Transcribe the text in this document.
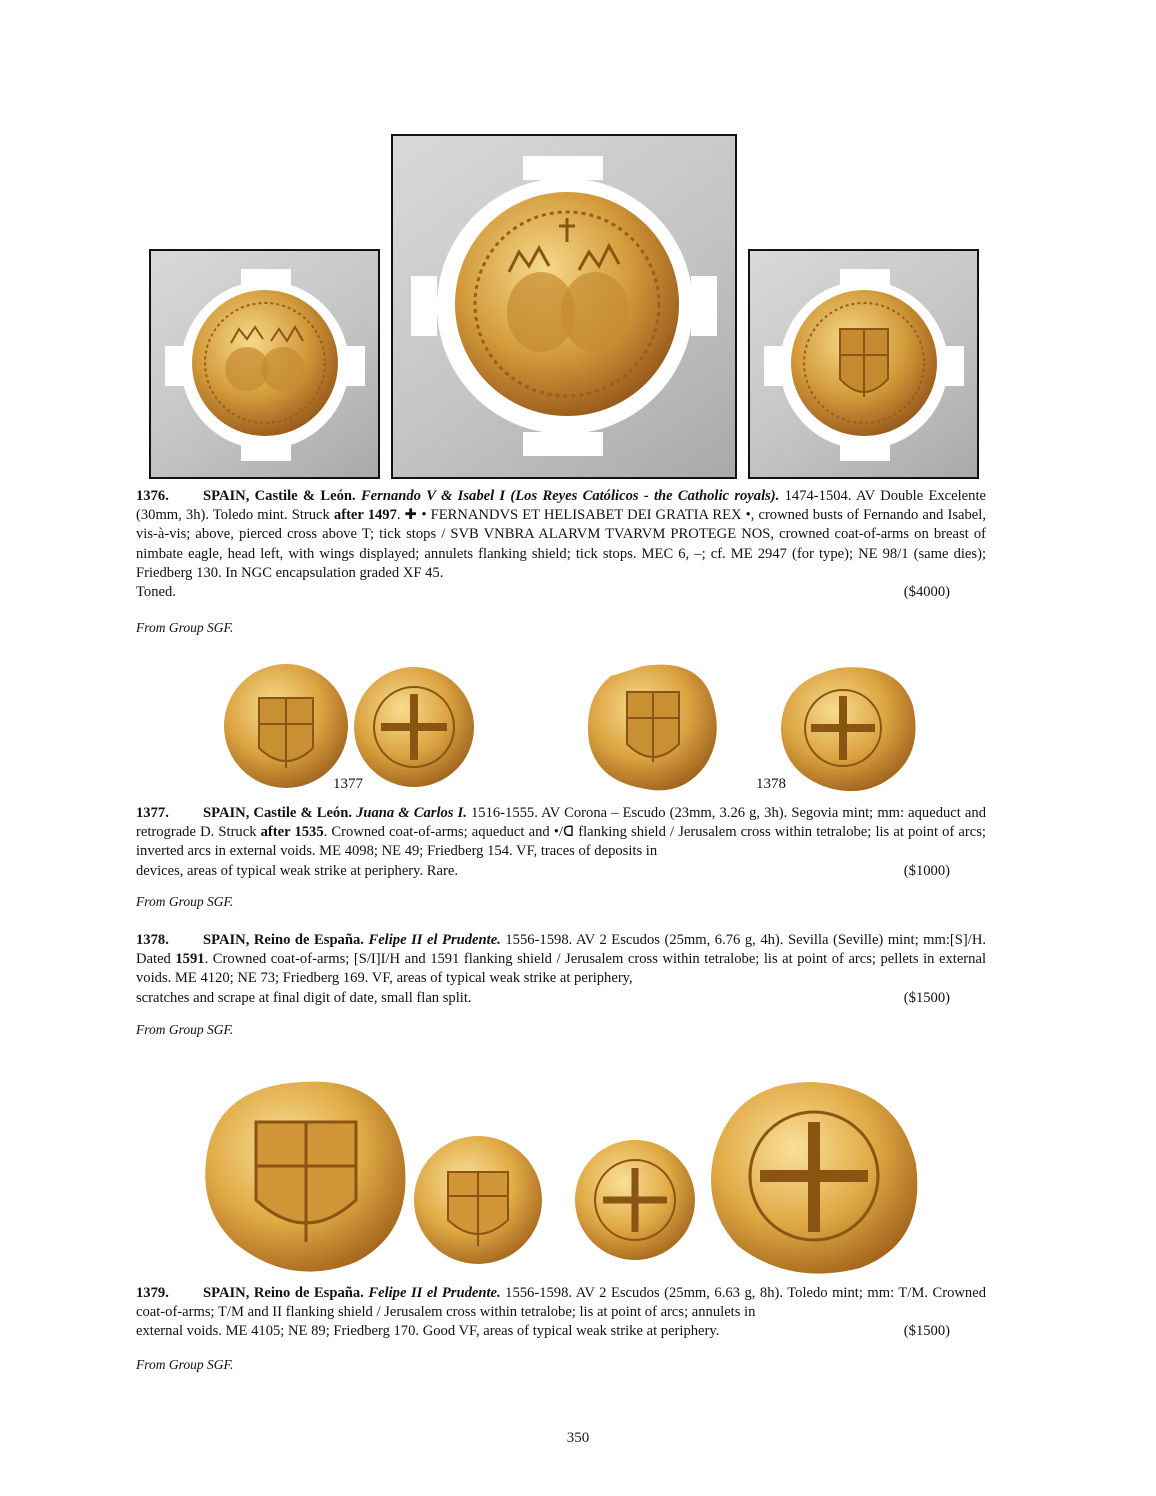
1376. SPAIN, Castile & León. Fernando V & Isabel I (Los Reyes Católicos - the Catholic royals). 1474-1504. AV Double Excelente (30mm, 3h). Toledo mint. Struck after 1497. ✚ • FERNANDVS ET HELISABET DEI GRATIA REX •, crowned busts of Fernando and Isabel, vis-à-vis; above, pierced cross above T; tick stops / SVB VNBRA ALARVM TVARVM PROTEGE NOS, crowned coat-of-arms on breast of nimbate eagle, head left, with wings displayed; annulets flanking shield; tick stops. MEC 6, –; cf. ME 2947 (for type); NE 98/1 (same dies); Friedberg 130. In NGC encapsulation graded XF 45.
Toned.	($4000)
From Group SGF.
1377	1378
1377. SPAIN, Castile & León. Juana & Carlos I. 1516-1555. AV Corona – Escudo (23mm, 3.26 g, 3h). Segovia mint; mm: aqueduct and retrograde D. Struck after 1535. Crowned coat-of-arms; aqueduct and •/ᗡ flanking shield / Jerusalem cross within tetralobe; lis at point of arcs; inverted arcs in external voids. ME 4098; NE 49; Friedberg 154. VF, traces of deposits in
devices, areas of typical weak strike at periphery. Rare.	($1000)
From Group SGF.
1378. SPAIN, Reino de España. Felipe II el Prudente. 1556-1598. AV 2 Escudos (25mm, 6.76 g, 4h). Sevilla (Seville) mint; mm:[S]/H. Dated 1591. Crowned coat-of-arms; [S/I]I/H and 1591 flanking shield / Jerusalem cross within tetralobe; lis at point of arcs; pellets in external voids. ME 4120; NE 73; Friedberg 169. VF, areas of typical weak strike at periphery,
scratches and scrape at final digit of date, small flan split.	($1500)
From Group SGF.
1379. SPAIN, Reino de España. Felipe II el Prudente. 1556-1598. AV 2 Escudos (25mm, 6.63 g, 8h). Toledo mint; mm: T/M. Crowned coat-of-arms; T/M and II flanking shield / Jerusalem cross within tetralobe; lis at point of arcs; annulets in
external voids. ME 4105; NE 89; Friedberg 170. Good VF, areas of typical weak strike at periphery.	($1500)
From Group SGF.
350
